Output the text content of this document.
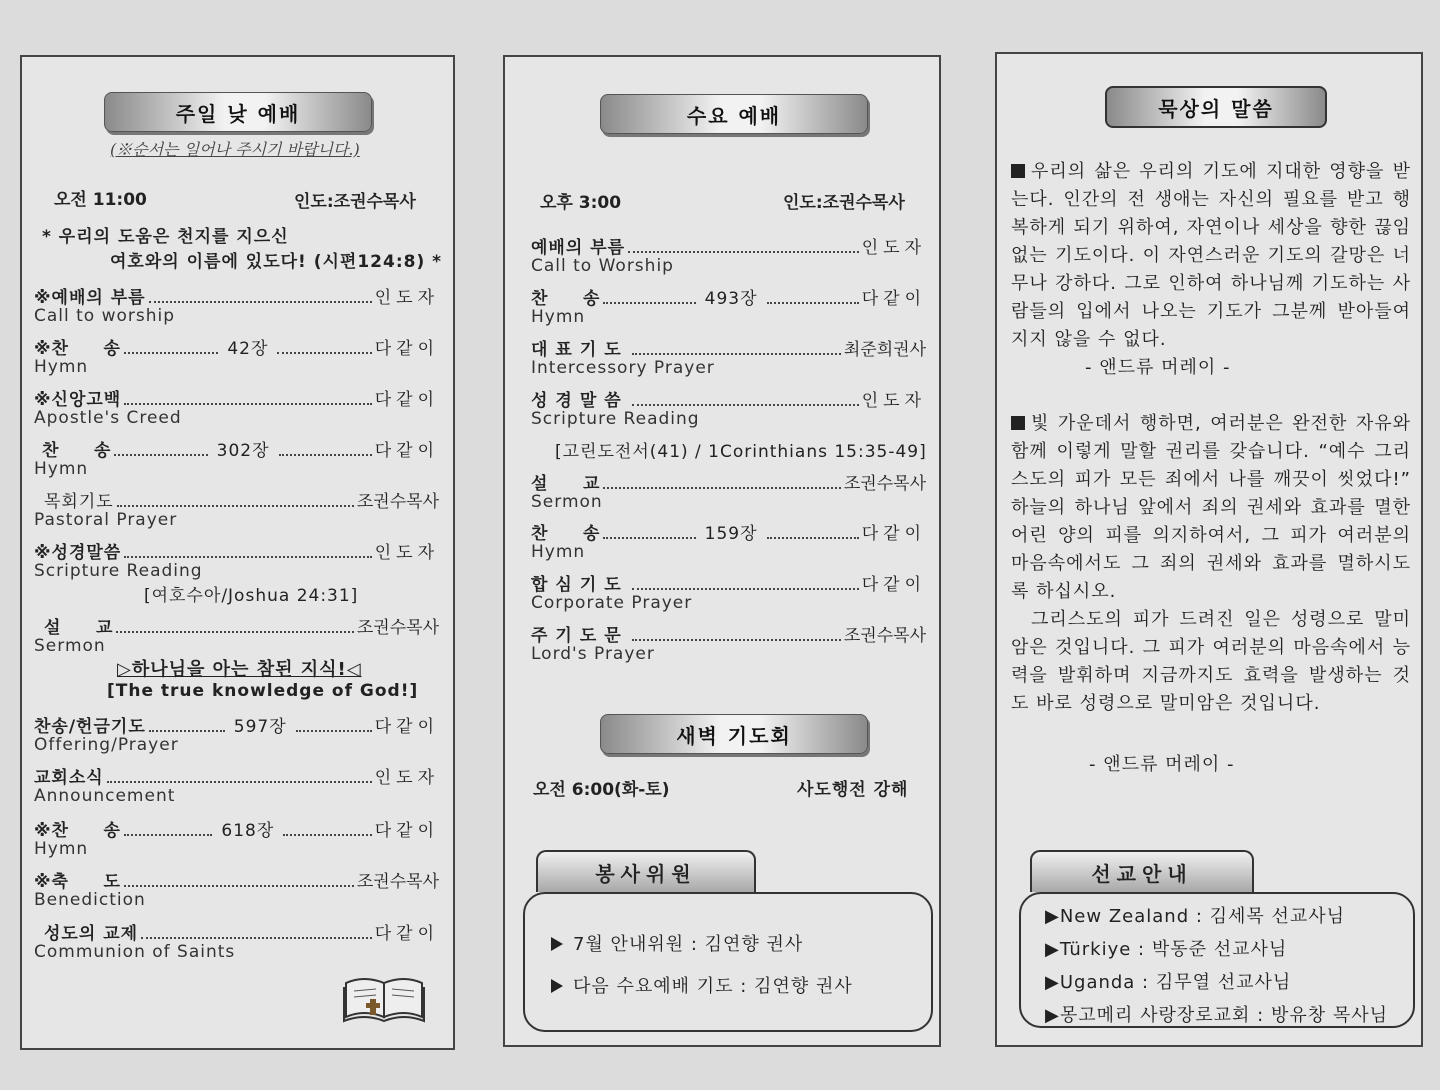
주일 낮 예배
(※순서는 일어나 주시기 바랍니다.)
오전 11:00	인도:조권수목사
* 우리의 도움은 천지를 지으신
여호와의 이름에 있도다! (시편124:8) *
※예배의 부름	인도자
Call to worship
※찬     송	42장	다같이
Hymn
※신앙고백	다같이
Apostle's Creed
찬     송	302장	다같이
Hymn
목회기도	조권수목사
Pastoral Prayer
※성경말씀	인도자
Scripture Reading
[여호수아/Joshua 24:31]
설     교	조권수목사
Sermon
▷하나님을 아는 참된 지식!◁
[The true knowledge of God!]
찬송/헌금기도	597장	다같이
Offering/Prayer
교회소식	인도자
Announcement
※찬     송	618장	다같이
Hymn
※축     도	조권수목사
Benediction
성도의 교제	다같이
Communion of Saints
수요 예배
오후 3:00	인도:조권수목사
예배의 부름	인도자
Call to Worship
찬     송	493장	다같이
Hymn
대표기도	최준희권사
Intercessory Prayer
성경말씀	인도자
Scripture Reading
[고린도전서(41) / 1Corinthians 15:35-49]
설     교	조권수목사
Sermon
찬     송	159장	다같이
Hymn
합심기도	다같이
Corporate Prayer
주기도문	조권수목사
Lord's Prayer
새벽 기도회
오전 6:00(화-토)	사도행전 강해
7월 안내위원 : 김연향 권사
다음 수요예배 기도 : 김연향 권사
봉사위원
묵상의 말씀
우리의 삶은 우리의 기도에 지대한 영향을 받는다. 인간의 전 생애는 자신의 필요를 받고 행복하게 되기 위하여, 자연이나 세상을 향한 끊임없는 기도이다. 이 자연스러운 기도의 갈망은 너무나 강하다. 그로 인하여 하나님께 기도하는 사람들의 입에서 나오는 기도가 그분께 받아들여지지 않을 수 없다.
- 앤드류 머레이 -
빛 가운데서 행하면, 여러분은 완전한 자유와 함께 이렇게 말할 권리를 갖습니다. “예수 그리스도의 피가 모든 죄에서 나를 깨끗이 씻었다!” 하늘의 하나님 앞에서 죄의 권세와 효과를 멸한 어린 양의 피를 의지하여서, 그 피가 여러분의 마음속에서도 그 죄의 권세와 효과를 멸하시도록 하십시오.
그리스도의 피가 드려진 일은 성령으로 말미암은 것입니다. 그 피가 여러분의 마음속에서 능력을 발휘하며 지금까지도 효력을 발생하는 것도 바로 성령으로 말미암은 것입니다.
- 앤드류 머레이 -
▶New Zealand : 김세목 선교사님
▶Türkiye : 박동준 선교사님
▶Uganda : 김무열 선교사님
▶몽고메리 사랑장로교회 : 방유창 목사님
선교안내
